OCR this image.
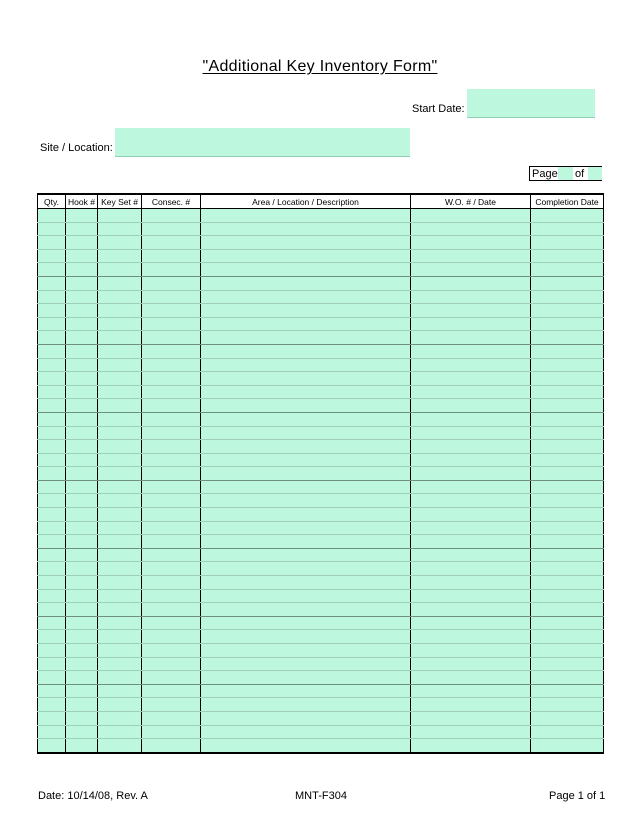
"Additional Key Inventory Form"
Start Date:
Site / Location:
Page of
Qty.	Hook #	Key Set #	Consec. #	Area / Location / Description	W.O. # / Date	Completion Date

Date: 10/14/08, Rev. A	MNT-F304	Page 1 of 1
